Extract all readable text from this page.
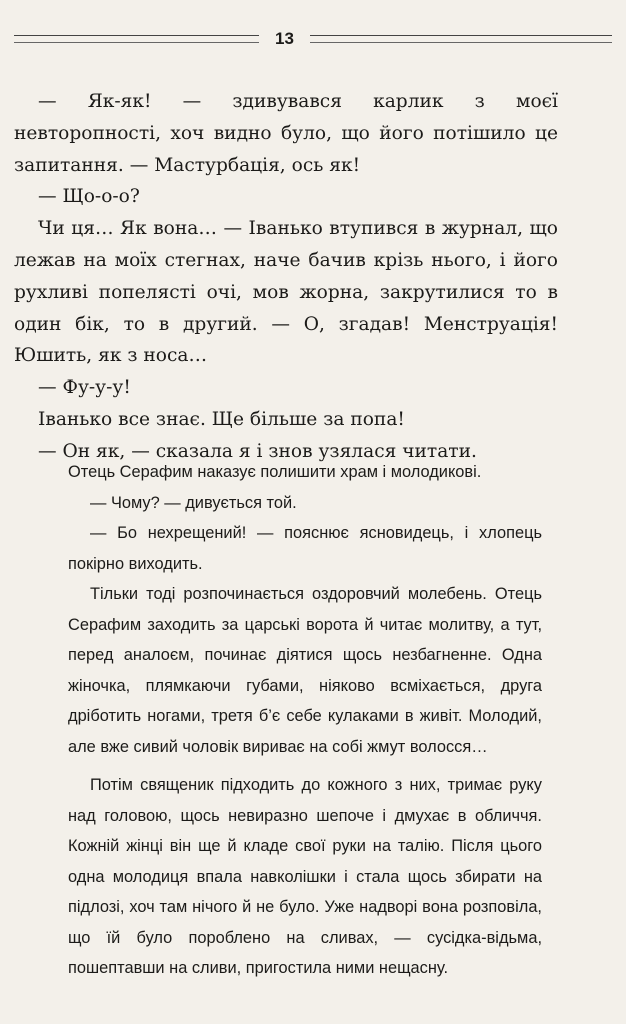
13

— Як-як! — здивувався карлик з моєї невторопності, хоч видно було, що його потішило це запитання. — Мастурбація, ось як!

— Що-о-о?

Чи ця… Як вона… — Іванько втупився в журнал, що лежав на моїх стегнах, наче бачив крізь нього, і його рухливі попелясті очі, мов жорна, закрутилися то в один бік, то в другий. — О, згадав! Менструація! Юшить, як з носа…

— Фу-у-у!

Іванько все знає. Ще більше за попа!

— Он як, — сказала я і знов узялася читати.

Отець Серафим наказує полишити храм і молодикові.

— Чому? — дивується той.

— Бо нехрещений! — пояснює ясновидець, і хлопець покірно виходить.

Тільки тоді розпочинається оздоровчий молебень. Отець Серафим заходить за царські ворота й читає молитву, а тут, перед аналоєм, починає діятися щось незбагненне. Одна жіночка, плямкаючи губами, ніяково всміхається, друга дріботить ногами, третя б’є себе кулаками в живіт. Молодий, але вже сивий чоловік вириває на собі жмут волосся…

Потім священик підходить до кожного з них, тримає руку над головою, щось невиразно шепоче і дмухає в обличчя. Кожній жінці він ще й кладе свої руки на талію. Після цього одна молодиця впала навколішки і стала щось збирати на підлозі, хоч там нічого й не було. Уже надворі вона розповіла, що їй було пороблено на сливах, — сусідка-відьма, пошептавши на сливи, пригостила ними нещасну.
